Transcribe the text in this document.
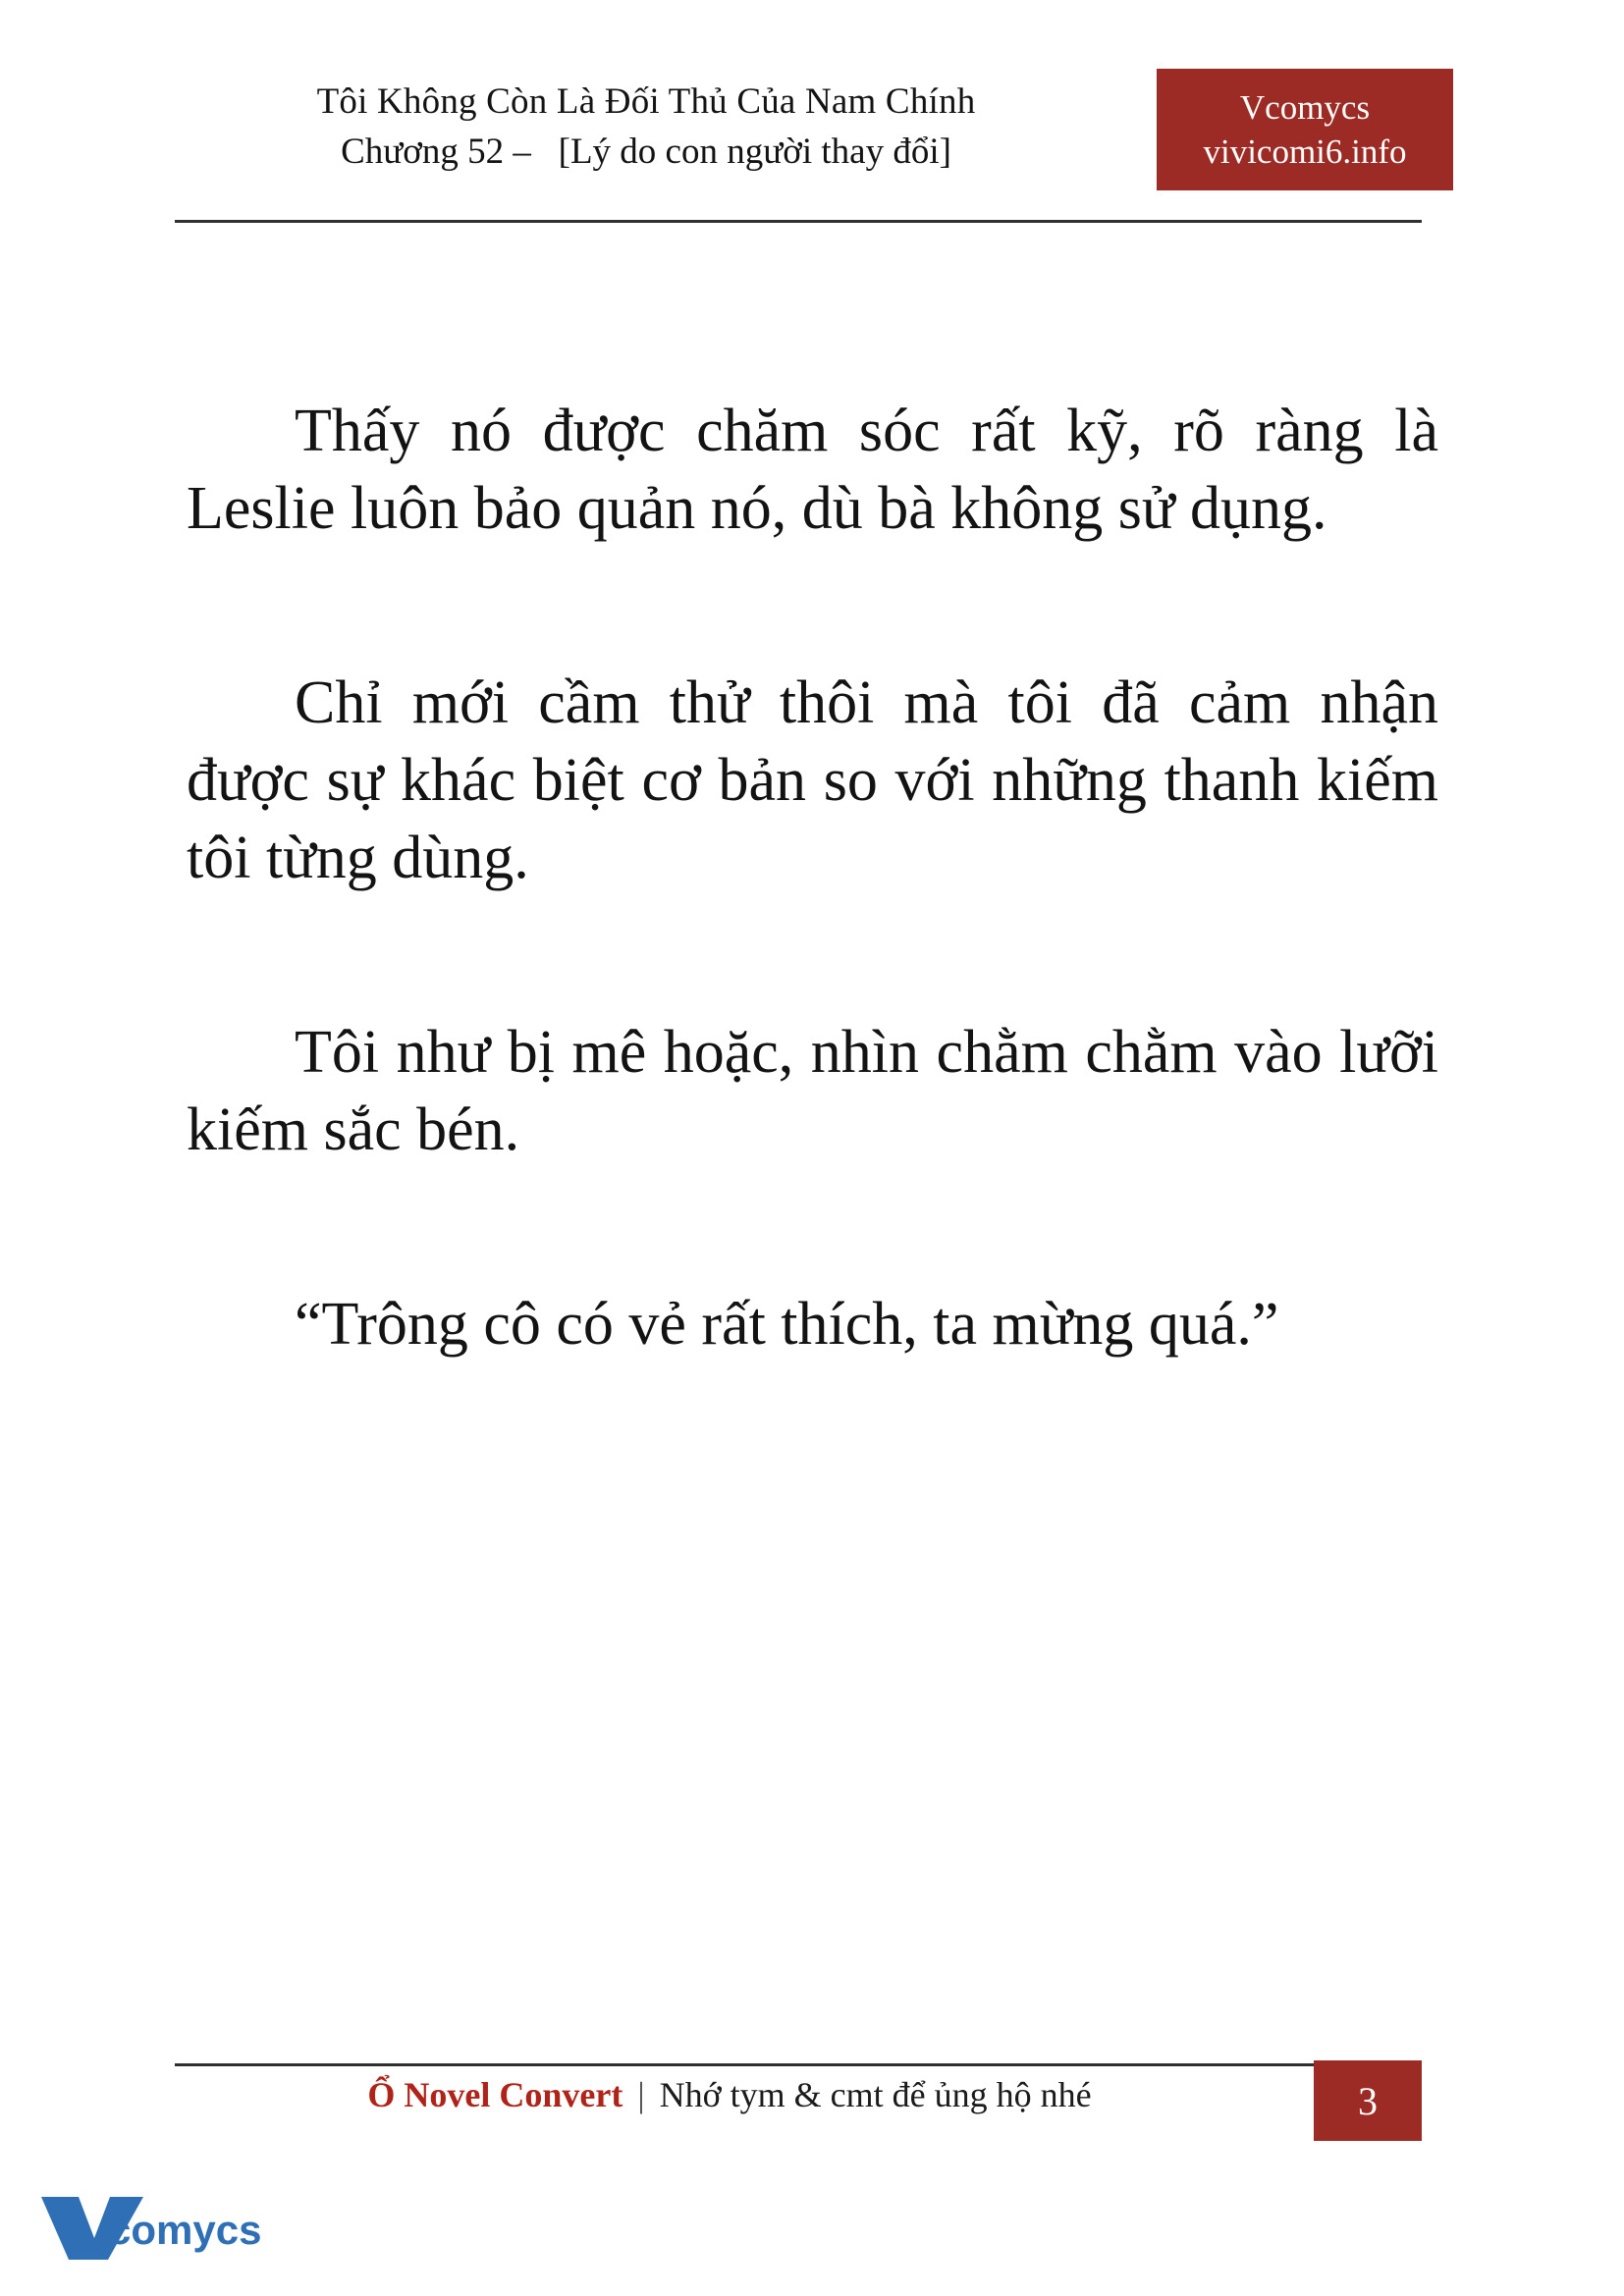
Tôi Không Còn Là Đối Thủ Của Nam Chính
Chương 52 – [Lý do con người thay đổi]
Vcomycs
vivicomi6.info

Thấy nó được chăm sóc rất kỹ, rõ ràng là Leslie luôn bảo quản nó, dù bà không sử dụng.

Chỉ mới cầm thử thôi mà tôi đã cảm nhận được sự khác biệt cơ bản so với những thanh kiếm tôi từng dùng.

Tôi như bị mê hoặc, nhìn chằm chằm vào lưỡi kiếm sắc bén.

“Trông cô có vẻ rất thích, ta mừng quá.”

Ổ Novel Convert | Nhớ tym & cmt để ủng hộ nhé	3
comycs
